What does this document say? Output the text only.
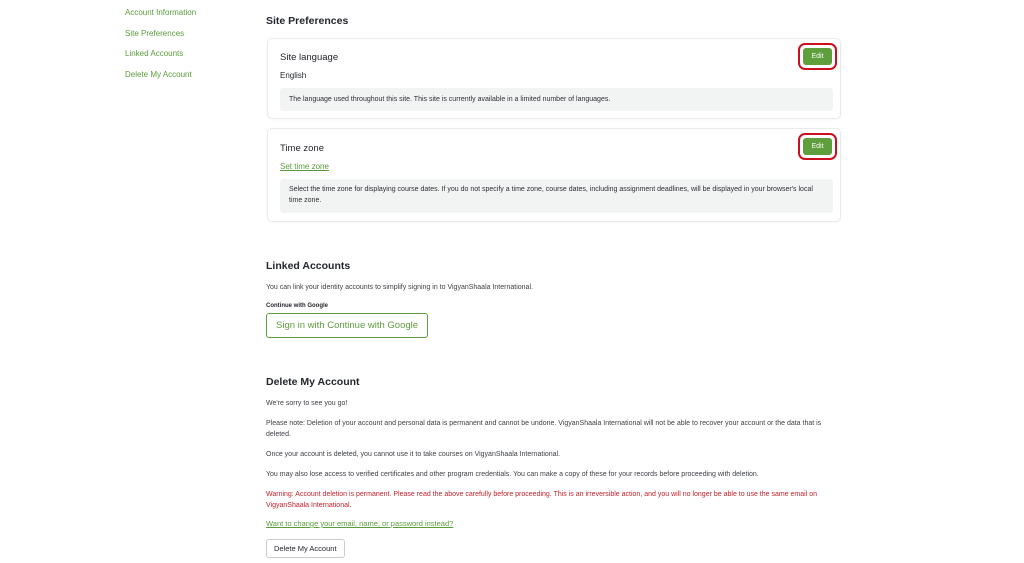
Account Information
Site Preferences
Linked Accounts
Delete My Account
Site Preferences
Site language
English
The language used throughout this site. This site is currently available in a limited number of languages.
Edit
Time zone
Set time zone
Select the time zone for displaying course dates. If you do not specify a time zone, course dates, including assignment deadlines, will be displayed in your browser's local time zone.
Edit
Linked Accounts
You can link your identity accounts to simplify signing in to VigyanShaala International.
Continue with Google
Sign in with Continue with Google
Delete My Account
We're sorry to see you go!
Please note: Deletion of your account and personal data is permanent and cannot be undone. VigyanShaala International will not be able to recover your account or the data that is deleted.
Once your account is deleted, you cannot use it to take courses on VigyanShaala International.
You may also lose access to verified certificates and other program credentials. You can make a copy of these for your records before proceeding with deletion.
Warning: Account deletion is permanent. Please read the above carefully before proceeding. This is an irreversible action, and you will no longer be able to use the same email on VigyanShaala International.
Want to change your email, name, or password instead?
Delete My Account
